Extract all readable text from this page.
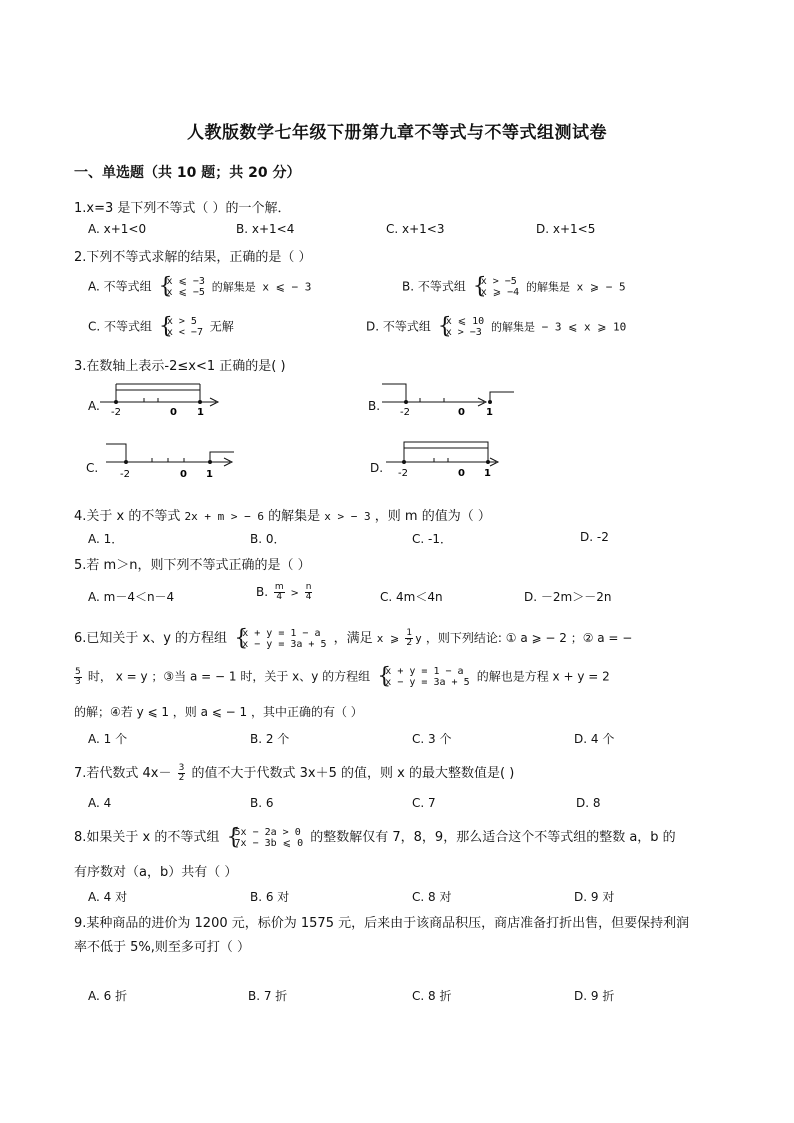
人教版数学七年级下册第九章不等式与不等式组测试卷
一、单选题（共 10 题；共 20 分）
1.x=3 是下列不等式（ ）的一个解．
A. x+1<0	B. x+1<4	C. x+1<3	D. x+1<5
2.下列不等式求解的结果，正确的是（ ）
A. 不等式组 {
x ⩽ −3
x ⩽ −5 的解集是 x ⩽ − 3	B. 不等式组 {
x > −5
x ⩾ −4 的解集是 x ⩾ − 5
C. 不等式组 {
x > 5
x < −7 无解	D. 不等式组 {
x ⩽ 10
x > −3 的解集是 − 3 ⩽ x ⩾ 10
3.在数轴上表示-2≤x<1 正确的是( )
A. -2	0 1	B. -2	0 1
C. -2	0 1	D. -2	0 1
4.关于 x 的不等式 2x + m > − 6 的解集是 x > − 3 ，则 m 的值为（ ）
A. 1．	B. 0．	C. -1．	D. -2
5.若 m＞n，则下列不等式正确的是（ ）
A. m－4＜n－4	B. $\frac{m}{4} > \frac{n}{4}$	C. 4m＜4n	D. －2m＞－2n
6.已知关于 x、y 的方程组 {
x + y = 1 − a
x − y = 3a + 5 ，满足 x ⩾ $\frac{1}{2}$ y ，则下列结论: ① a ⩾ − 2 ；② a = −
$\frac{5}{3}$ 时， x = y ；③当 a = − 1 时，关于 x、y 的方程组 {
x + y = 1 − a
x − y = 3a + 5 的解也是方程 x + y = 2
的解；④若 y ⩽ 1 ，则 a ⩽ − 1 ，其中正确的有（ ）
A. 1 个	B. 2 个	C. 3 个	D. 4 个
7.若代数式 $4x- \frac{3}{2}$ 的值不大于代数式 3x＋5 的值，则 x 的最大整数值是( )
A. 4	B. 6	C. 7	D. 8
8.如果关于 x 的不等式组 {
5x − 2a > 0
7x − 3b ⩽ 0 的整数解仅有 7，8，9，那么适合这个不等式组的整数 a，b 的
有序数对（a，b）共有（ ）
A. 4 对	B. 6 对	C. 8 对	D. 9 对
9.某种商品的进价为 1200 元，标价为 1575 元，后来由于该商品积压，商店准备打折出售，但要保持利润
率不低于 5%,则至多可打（ ）
A. 6 折	B. 7 折	C. 8 折	D. 9 折
